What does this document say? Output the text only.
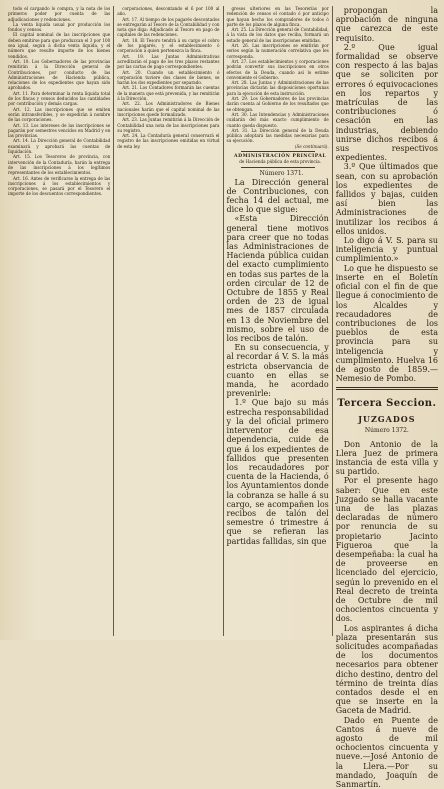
todo el cargando lo compra, y la nota de los primeros poder por cuenta de las adjudicaciones y redenciones.

La venta líquida usual por producción los fondos y censos.

El capital nominal de las inscripciones que deben emitirse para que produzcan el 3 por 100 sea igual, según á dicha venta líquida, y el número que resulte importe de los bienes vendidos.

Art. 10. Los Gobernadores de las provincias remitirán á la Dirección general de Contribuciones, por conducto de las Administraciones de Hacienda pública, relaciones de los expedientes que hayan sido aprobados.

Art. 11. Para determinar la renta líquida total de los fincas y censos deducidos las cantidades por contribución y demás cargas.

Art. 12. Las inscripciones que se emiten serán intransferibles, y se expedirán á nombre de las corporaciones.

Art. 13. Los intereses de las inscripciones se pagarán por semestres vencidos en Madrid y en las provincias.

Art. 14. La Dirección general de Contabilidad examinará y aprobará las cuentas de liquidación.

Art. 15. Los Tesoreros de provincia, con intervención de la Contaduría, harán la entrega de las inscripciones á los legítimos representantes de los establecimientos.

Art. 16. Antes de verificarse la entrega de las inscripciones á los establecimientos y corporaciones, se pasará por el Tesorero el importe de los descuentos correspondientes.

corporaciones, descontando el 6 por 100 al año.

Art. 17. Al tiempo de los pagarés descontados se entregarán al Tesoro de la Contabilidad y con nota que diga: Adjudicado al Tesoro en pago de capitales de las redenciones.

Art. 18. El Tesoro tendrá á su cargo el cobro de los pagarés, y el establecimiento ó corporación á quien pertenezca la finca.

Art. 19. Las Juntas Administrativas acreditarán el pago de los tres plazos restantes por las cartas de pago correspondientes.

Art. 20. Cuando un establecimiento ó corporación tuviere dos clases de bienes, se harán los dos expedientes por separado.

Art. 21. Los Contadores formarán las cuentas de la manera que está prevenida, y las remitirán á la Dirección.

Art. 22. Los Administradores de Bienes nacionales harán que el capital nominal de las inscripciones quede formalizado.

Art. 23. Las Juntas remitirán á la Dirección de Contabilidad una nota de las inscripciones para su registro.

Art. 24. La Contaduría general conservará el registro de las inscripciones emitidas en virtud de esta ley.

gresos ulteriores en las Tesorerías por redención de censos el contado ó por anticipo que hayan hecho los compradores de todos ó parte de los plazos de alguna finca.

Art. 25. La Dirección general de Contabilidad, á la vista de los datos que reciba, formará un estado general de las inscripciones emitidas.

Art. 26. Las inscripciones se emitirán por series según la numeración correlativa que les corresponda.

Art. 27. Los establecimientos y corporaciones podrán convertir sus inscripciones en otros efectos de la Deuda, cuando así lo estime conveniente el Gobierno.

Art. 28. Las Juntas y Administraciones de las provincias dictarán las disposiciones oportunas para la ejecución de esta instrucción.

Art. 29. Los Gobernadores de las provincias darán cuenta al Gobierno de los resultados que se obtengan.

Art. 30. Las Intendencias y Administraciones cuidarán del más exacto cumplimiento de cuanto queda dispuesto.

Art. 31. La Dirección general de la Deuda pública adoptará las medidas necesarias para su ejecución.

(Se continuará).

ADMINISTRACIÓN PRINCIPAL

de Hacienda pública de esta provincia.

Número 1371.

La Dirección general de Contribuciones, con fecha 14 del actual, me dice lo que sigue:

«Esta Dirección general tiene motivos para creer que no todas las Administraciones de Hacienda pública cuidan del exacto cumplimiento en todas sus partes de la orden circular de 12 de Octubre de 1855 y Real orden de 23 de igual mes de 1857 circulada en 13 de Noviembre del mismo, sobre el uso de los recibos de talón.

En su consecuencia, y al recordar á V. S. la más estricta observancia de cuanto en ellas se manda, he acordado prevenirle:

1.º Que bajo su más estrecha responsabilidad y la del oficial primero interventor de esa dependencia, cuide de que á los expedientes de fallidos que presenten los recaudadores por cuenta de la Hacienda, ó los Ayuntamientos donde la cobranza se halle á su cargo, se acompañen los recibos de talón del semestre ó trimestre á que se refieran las partidas fallidas, sin que

propongan la aprobación de ninguna que carezca de este requisito.

2.º Que igual formalidad se observe con respecto á las bajas que se soliciten por errores ó equivocaciones en los repartos y matrículas de las contribuciones ó cesación en las industrias, debiendo unirse dichos recibos á sus respectivos expedientes.

3.º Que últimados que sean, con su aprobación los expedientes de fallidos y bajas, cuiden así bien las Administraciones de inutilizar los recibos á ellos unidos.

Lo digo á V. S. para su inteligencia y puntual cumplimiento.»

Lo que he dispuesto se inserte en el Boletín oficial con el fin de que llegue á conocimiento de los Alcaldes y recaudadores de contribuciones de los pueblos de esta provincia para su inteligencia y cumplimiento. Huelva 16 de agosto de 1859.—Nemesio de Pombo.

Tercera Seccion.
JUZGADOS
Número 1372.

Don Antonio de la Llera Juez de primera instancia de esta villa y su partido.

Por el presente hago saber: Que en este Juzgado se halla vacante una de las plazas declaradas de número por renuncia de su propietario Jacinto Figueroa que la desempeñaba: la cual ha de proveerse en licenciado del ejercicio, según lo prevenido en el Real decreto de treinta de Octubre de mil ochocientos cincuenta y dos.

Los aspirantes á dicha plaza presentarán sus solicitudes acompañadas de los documentos necesarios para obtener dicho destino, dentro del término de treinta días contados desde el en que se inserte en la Gaceta de Madrid.

Dado en Puente de Cantos á nueve de agosto de mil ochocientos cincuenta y nueve.—José Antonio de la Llera.—Por su mandado, Joaquín de Sanmartín.
